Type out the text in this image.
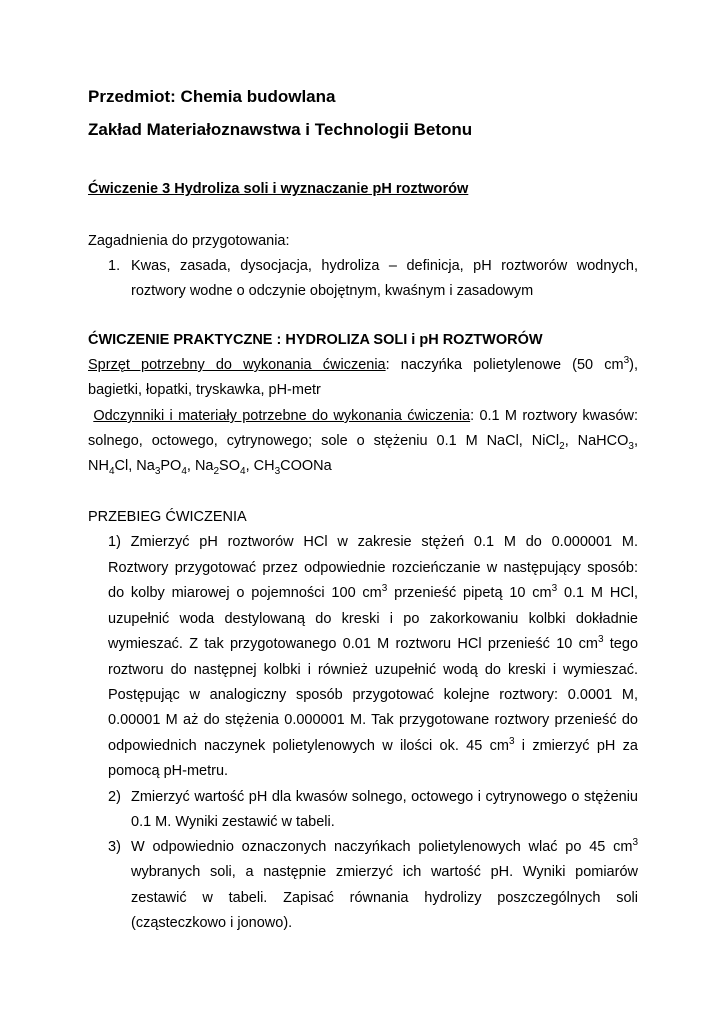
Przedmiot: Chemia budowlana
Zakład Materiałoznawstwa i Technologii Betonu
Ćwiczenie 3 Hydroliza soli i wyznaczanie pH roztworów
Zagadnienia do przygotowania:
1. Kwas, zasada, dysocjacja, hydroliza – definicja, pH roztworów wodnych,
roztwory wodne o odczynie obojętnym, kwaśnym i zasadowym
ĆWICZENIE PRAKTYCZNE : HYDROLIZA SOLI i pH ROZTWORÓW
Sprzęt potrzebny do wykonania ćwiczenia: naczyńka polietylenowe (50 $cm^3$),
bagietki, łopatki, tryskawka, pH-metr
Odczynniki i materiały potrzebne do wykonania ćwiczenia: 0.1 M roztwory kwasów:
solnego, octowego, cytrynowego; sole o stężeniu 0.1 M NaCl, NiCl$_2$, NaHCO$_3$,
$NH_4Cl$, $Na_3PO_4$, $Na_2SO_4$, $CH_3COONa$
PRZEBIEG ĆWICZENIA
1) Zmierzyć pH roztworów HCl w zakresie stężeń 0.1 M do 0.000001 M.
Roztwory przygotować przez odpowiednie rozcieńczanie w następujący sposób:
do kolby miarowej o pojemności 100 $cm^3$ przenieść pipetą 10 $cm^3$ 0.1 M HCl,
uzupełnić woda destylowaną do kreski i po zakorkowaniu kolbki dokładnie
wymieszać. Z tak przygotowanego 0.01 M roztworu HCl przenieść 10 $cm^3$ tego
roztworu do następnej kolbki i również uzupełnić wodą do kreski i wymieszać.
Postępując w analogiczny sposób przygotować kolejne roztwory: 0.0001 M,
0.00001 M aż do stężenia 0.000001 M. Tak przygotowane roztwory przenieść do
odpowiednich naczynek polietylenowych w ilości ok. 45 $cm^3$ i zmierzyć pH za
pomocą pH-metru.
2) Zmierzyć wartość pH dla kwasów solnego, octowego i cytrynowego o stężeniu
0.1 M. Wyniki zestawić w tabeli.
3) W odpowiednio oznaczonych naczyńkach polietylenowych wlać po 45 $cm^3$
wybranych soli, a następnie zmierzyć ich wartość pH. Wyniki pomiarów
zestawić w tabeli. Zapisać równania hydrolizy poszczególnych soli
(cząsteczkowo i jonowo).
